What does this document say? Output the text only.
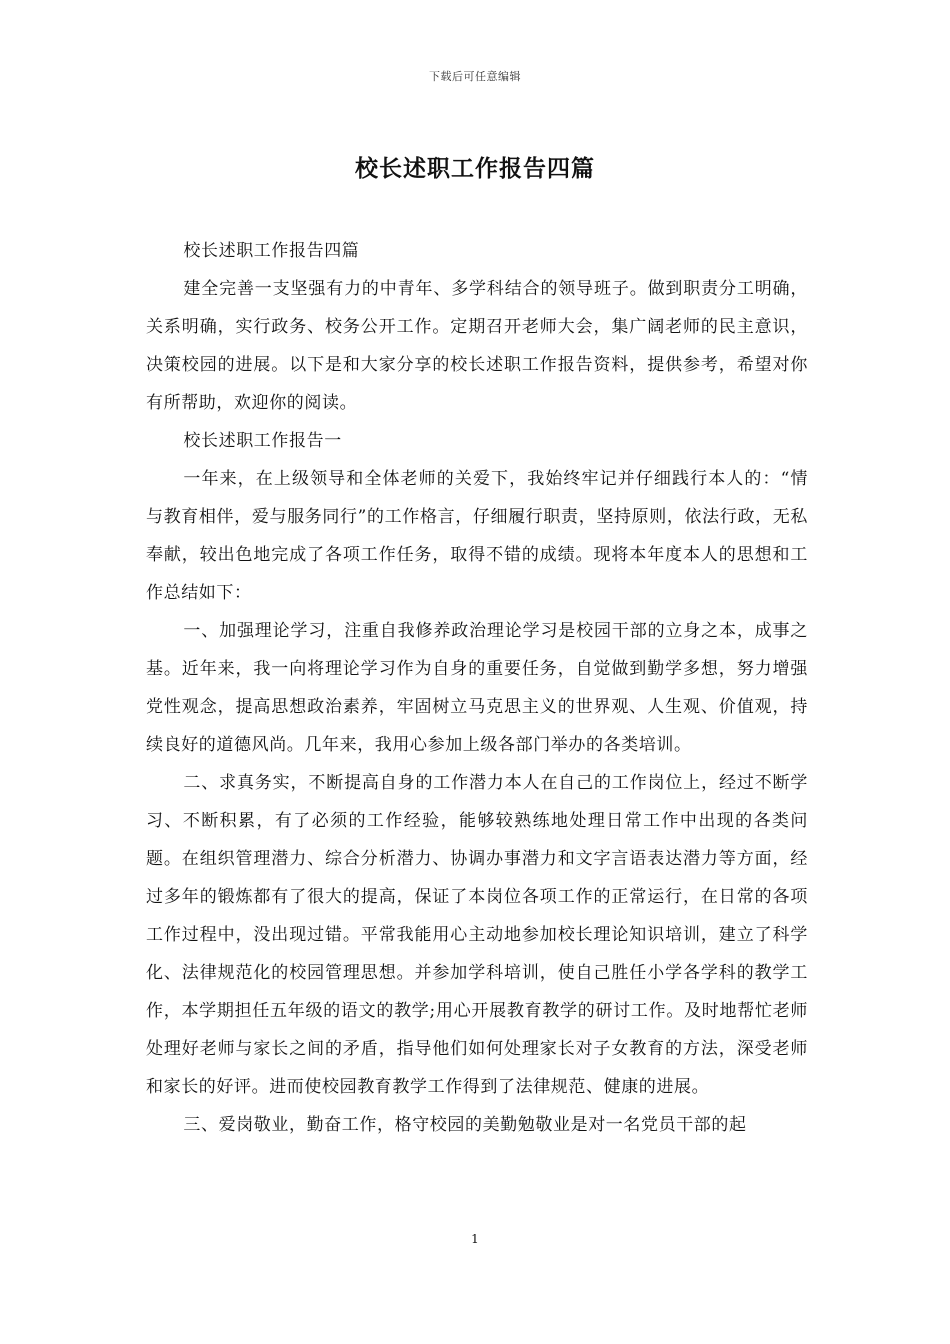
下载后可任意编辑
校长述职工作报告四篇

校长述职工作报告四篇

建全完善一支坚强有力的中青年、多学科结合的领导班子。做到职责分工明确，关系明确，实行政务、校务公开工作。定期召开老师大会，集广阔老师的民主意识，决策校园的进展。以下是和大家分享的校长述职工作报告资料，提供参考，希望对你有所帮助，欢迎你的阅读。

校长述职工作报告一

一年来，在上级领导和全体老师的关爱下，我始终牢记并仔细践行本人的：“情与教育相伴，爱与服务同行”的工作格言，仔细履行职责，坚持原则，依法行政，无私奉献，较出色地完成了各项工作任务，取得不错的成绩。现将本年度本人的思想和工作总结如下：

一、加强理论学习，注重自我修养政治理论学习是校园干部的立身之本，成事之基。近年来，我一向将理论学习作为自身的重要任务，自觉做到勤学多想，努力增强党性观念，提高思想政治素养，牢固树立马克思主义的世界观、人生观、价值观，持续良好的道德风尚。几年来，我用心参加上级各部门举办的各类培训。

二、求真务实，不断提高自身的工作潜力本人在自己的工作岗位上，经过不断学习、不断积累，有了必须的工作经验，能够较熟练地处理日常工作中出现的各类问题。在组织管理潜力、综合分析潜力、协调办事潜力和文字言语表达潜力等方面，经过多年的锻炼都有了很大的提高，保证了本岗位各项工作的正常运行，在日常的各项工作过程中，没出现过错。平常我能用心主动地参加校长理论知识培训，建立了科学化、法律规范化的校园管理思想。并参加学科培训，使自己胜任小学各学科的教学工作，本学期担任五年级的语文的教学;用心开展教育教学的研讨工作。及时地帮忙老师处理好老师与家长之间的矛盾，指导他们如何处理家长对子女教育的方法，深受老师和家长的好评。进而使校园教育教学工作得到了法律规范、健康的进展。

三、爱岗敬业，勤奋工作，格守校园的美勤勉敬业是对一名党员干部的起

1
